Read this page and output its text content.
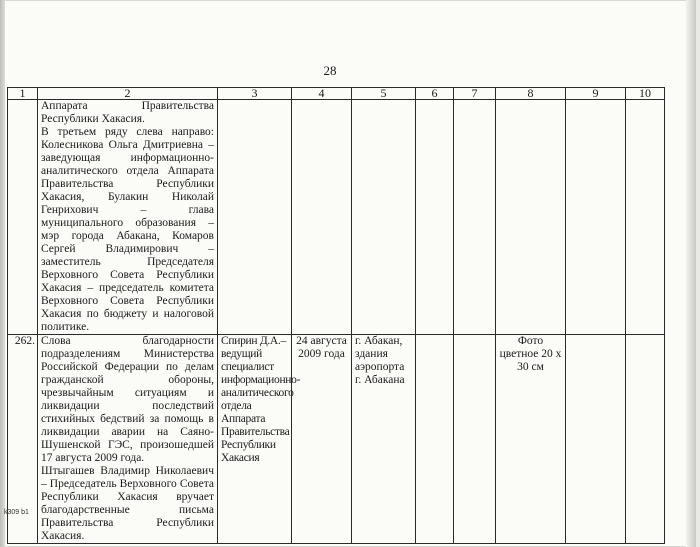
28
1	2	3	4	5	6	7	8	9	10

	Аппарата Правительства Республики Хакасия.

В третьем ряду слева направо: Колесникова Ольга Дмитриевна – заведующая информационно-аналитического отдела Аппарата Правительства Республики Хакасия, Булакин Николай Генрихович – глава муниципального образования – мэр города Абакана, Комаров Сергей Владимирович – заместитель Председателя Верховного Совета Республики Хакасия – председатель комитета Верховного Совета Республики Хакасия по бюджету и налоговой политике.								

262.	Слова благодарности подразделениям Министерства Российской Федерации по делам гражданской обороны, чрезвычайным ситуациям и ликвидации последствий стихийных бедствий за помощь в ликвидации аварии на Саяно-Шушенской ГЭС, произошедшей 17 августа 2009 года.

Штыгашев Владимир Николаевич – Председатель Верховного Совета Республики Хакасия вручает благодарственные письма Правительства Республики Хакасия.	Спирин Д.А.– ведущий специалист информационно-аналитического отдела Аппарата Правительства Республики Хакасия	24 августа 2009 года	г. Абакан, здания аэропорта г. Абакана			Фото цветное 20 х 30 см		
k309 b1
